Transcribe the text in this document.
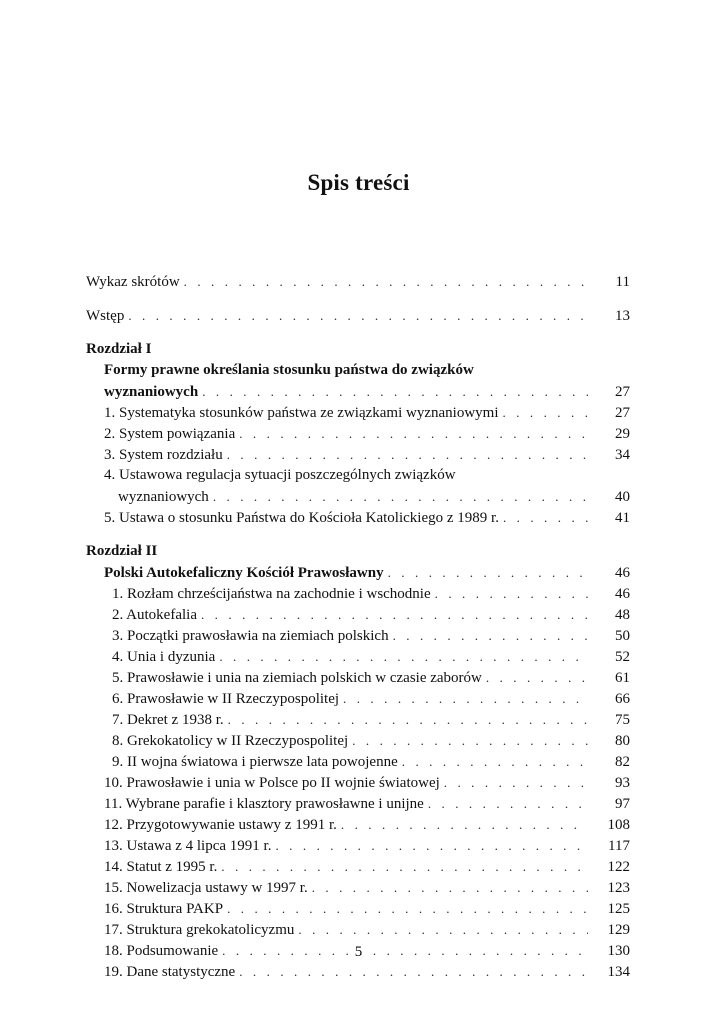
Spis treści
Wykaz skrótów . . .	11
Wstęp . . .	13
Rozdział I
Formy prawne określania stosunku państwa do związków
wyznaniowych . . .	27
1. Systematyka stosunków państwa ze związkami wyznaniowymi . . .	27
2. System powiązania . . .	29
3. System rozdziału . . .	34
4. Ustawowa regulacja sytuacji poszczególnych związków
wyznaniowych . . .	40
5. Ustawa o stosunku Państwa do Kościoła Katolickiego z 1989 r. . . .	41
Rozdział II
Polski Autokefaliczny Kościół Prawosławny . . .	46
1. Rozłam chrześcijaństwa na zachodnie i wschodnie . . .	46
2. Autokefalia . . .	48
3. Początki prawosławia na ziemiach polskich . . .	50
4. Unia i dyzunia . . .	52
5. Prawosławie i unia na ziemiach polskich w czasie zaborów . . .	61
6. Prawosławie w II Rzeczypospolitej . . .	66
7. Dekret z 1938 r. . . .	75
8. Grekokatolicy w II Rzeczypospolitej . . .	80
9. II wojna światowa i pierwsze lata powojenne . . .	82
10. Prawosławie i unia w Polsce po II wojnie światowej . . .	93
11. Wybrane parafie i klasztory prawosławne i unijne . . .	97
12. Przygotowywanie ustawy z 1991 r. . . .	108
13. Ustawa z 4 lipca 1991 r. . . .	117
14. Statut z 1995 r. . . .	122
15. Nowelizacja ustawy w 1997 r. . . .	123
16. Struktura PAKP . . .	125
17. Struktura grekokatolicyzmu . . .	129
18. Podsumowanie . . .	130
19. Dane statystyczne . . .	134
5
